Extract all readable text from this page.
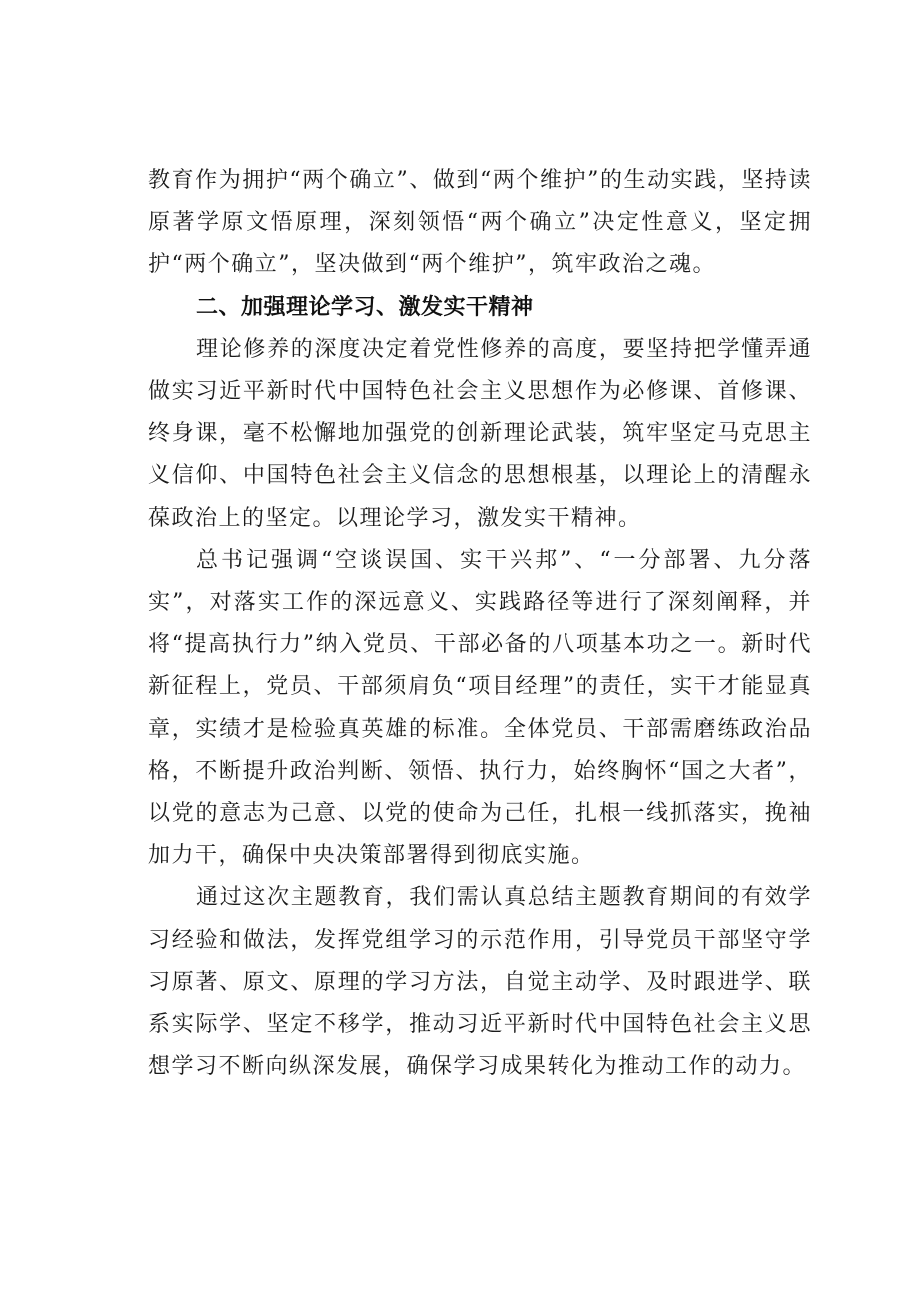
教育作为拥护“两个确立”、做到“两个维护”的生动实践，坚持读原著学原文悟原理，深刻领悟“两个确立”决定性意义，坚定拥护“两个确立”，坚决做到“两个维护”，筑牢政治之魂。

二、加强理论学习、激发实干精神

理论修养的深度决定着党性修养的高度，要坚持把学懂弄通做实习近平新时代中国特色社会主义思想作为必修课、首修课、终身课，毫不松懈地加强党的创新理论武装，筑牢坚定马克思主义信仰、中国特色社会主义信念的思想根基，以理论上的清醒永葆政治上的坚定。以理论学习，激发实干精神。

总书记强调“空谈误国、实干兴邦”、“一分部署、九分落实”，对落实工作的深远意义、实践路径等进行了深刻阐释，并将“提高执行力”纳入党员、干部必备的八项基本功之一。新时代新征程上，党员、干部须肩负“项目经理”的责任，实干才能显真章，实绩才是检验真英雄的标准。全体党员、干部需磨练政治品格，不断提升政治判断、领悟、执行力，始终胸怀“国之大者”，以党的意志为己意、以党的使命为己任，扎根一线抓落实，挽袖加力干，确保中央决策部署得到彻底实施。

通过这次主题教育，我们需认真总结主题教育期间的有效学习经验和做法，发挥党组学习的示范作用，引导党员干部坚守学习原著、原文、原理的学习方法，自觉主动学、及时跟进学、联系实际学、坚定不移学，推动习近平新时代中国特色社会主义思想学习不断向纵深发展，确保学习成果转化为推动工作的动力。
